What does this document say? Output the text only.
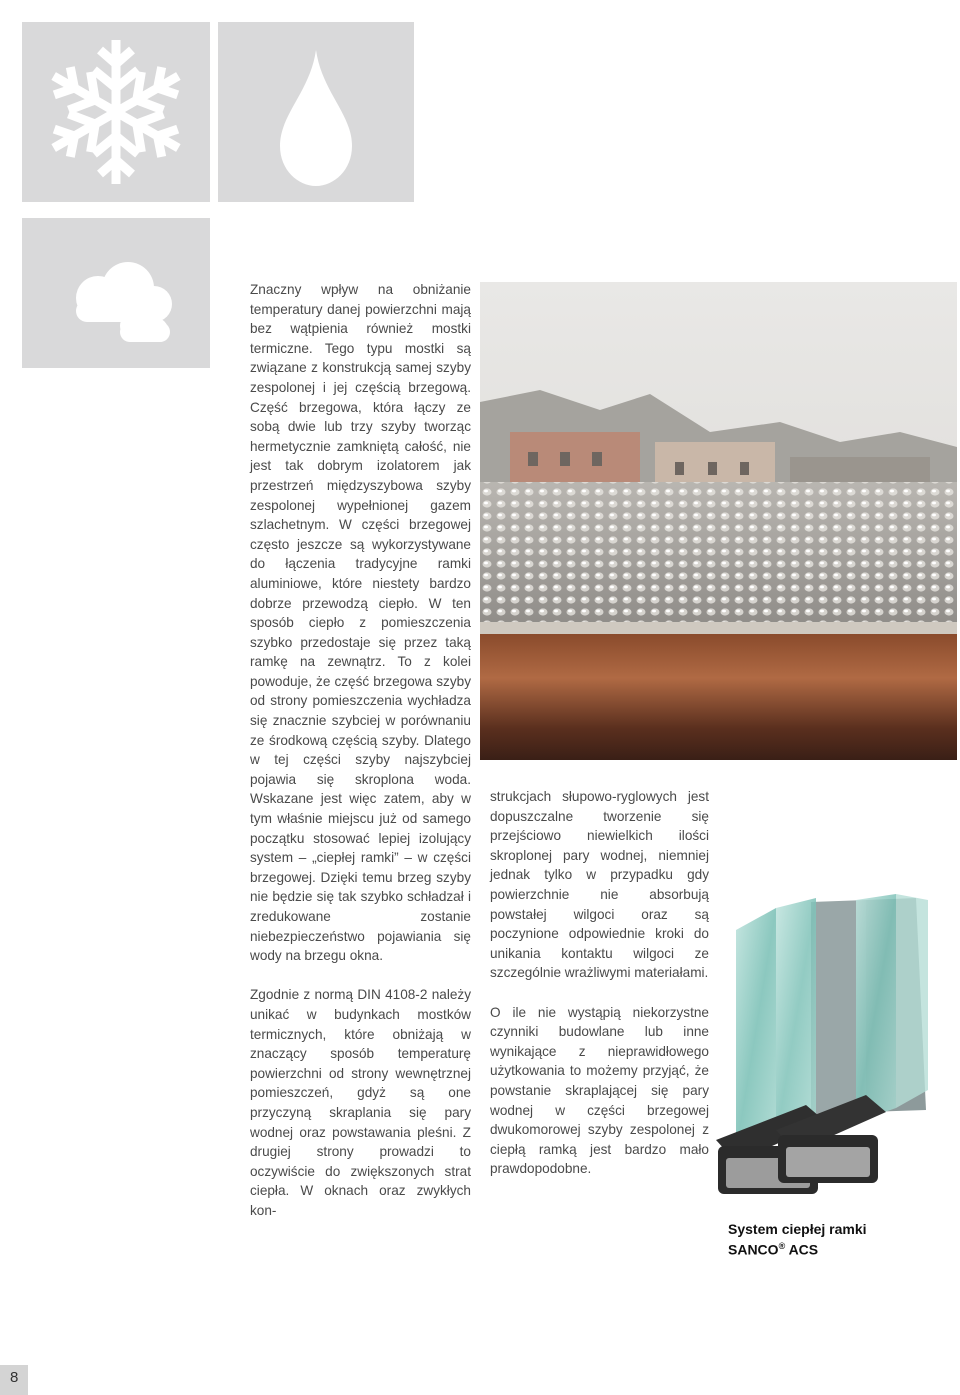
Znaczny wpływ na obniżanie temperatury danej powierzchni mają bez wątpienia również mostki termiczne. Tego typu mostki są związane z konstrukcją samej szyby zespolonej i jej częścią brzegową. Część brzegowa, która łączy ze sobą dwie lub trzy szyby tworząc hermetycznie zamkniętą całość, nie jest tak dobrym izolatorem jak przestrzeń międzyszybowa szyby zespolonej wypełnionej gazem szlachetnym. W części brzegowej często jeszcze są wykorzystywane do łączenia tradycyjne ramki aluminiowe, które niestety bardzo dobrze przewodzą ciepło. W ten sposób ciepło z pomieszczenia szybko przedostaje się przez taką ramkę na zewnątrz. To z kolei powoduje, że część brzegowa szyby od strony pomieszczenia wychładza się znacznie szybciej w porównaniu ze środkową częścią szyby. Dlatego w tej części szyby najszybciej pojawia się skroplona woda. Wskazane jest więc zatem, aby w tym właśnie miejscu już od samego początku stosować lepiej izolujący system – „ciepłej ramki” – w części brzegowej. Dzięki temu brzeg szyby nie będzie się tak szybko schładzał i zredukowane zostanie niebezpieczeństwo pojawiania się wody na brzegu okna.

Zgodnie z normą DIN 4108-2 należy unikać w budynkach mostków termicznych, które obniżają w znaczący sposób temperaturę powierzchni od strony wewnętrznej pomieszczeń, gdyż są one przyczyną skraplania się pary wodnej oraz powstawania pleśni. Z drugiej strony prowadzi to oczywiście do zwiększonych strat ciepła. W oknach oraz zwykłych kon-

strukcjach słupowo-ryglowych jest dopuszczalne tworzenie się przejściowo niewielkich ilości skroplonej pary wodnej, niemniej jednak tylko w przypadku gdy powierzchnie nie absorbują powstałej wilgoci oraz są poczynione odpowiednie kroki do unikania kontaktu wilgoci ze szczególnie wrażliwymi materiałami.

O ile nie wystąpią niekorzystne czynniki budowlane lub inne wynikające z nieprawidłowego użytkowania to możemy przyjąć, że powstanie skraplającej się pary wodnej w części brzegowej dwukomorowej szyby zespolonej z ciepłą ramką jest bardzo mało prawdopodobne.

System ciepłej ramki
SANCO® ACS
8
